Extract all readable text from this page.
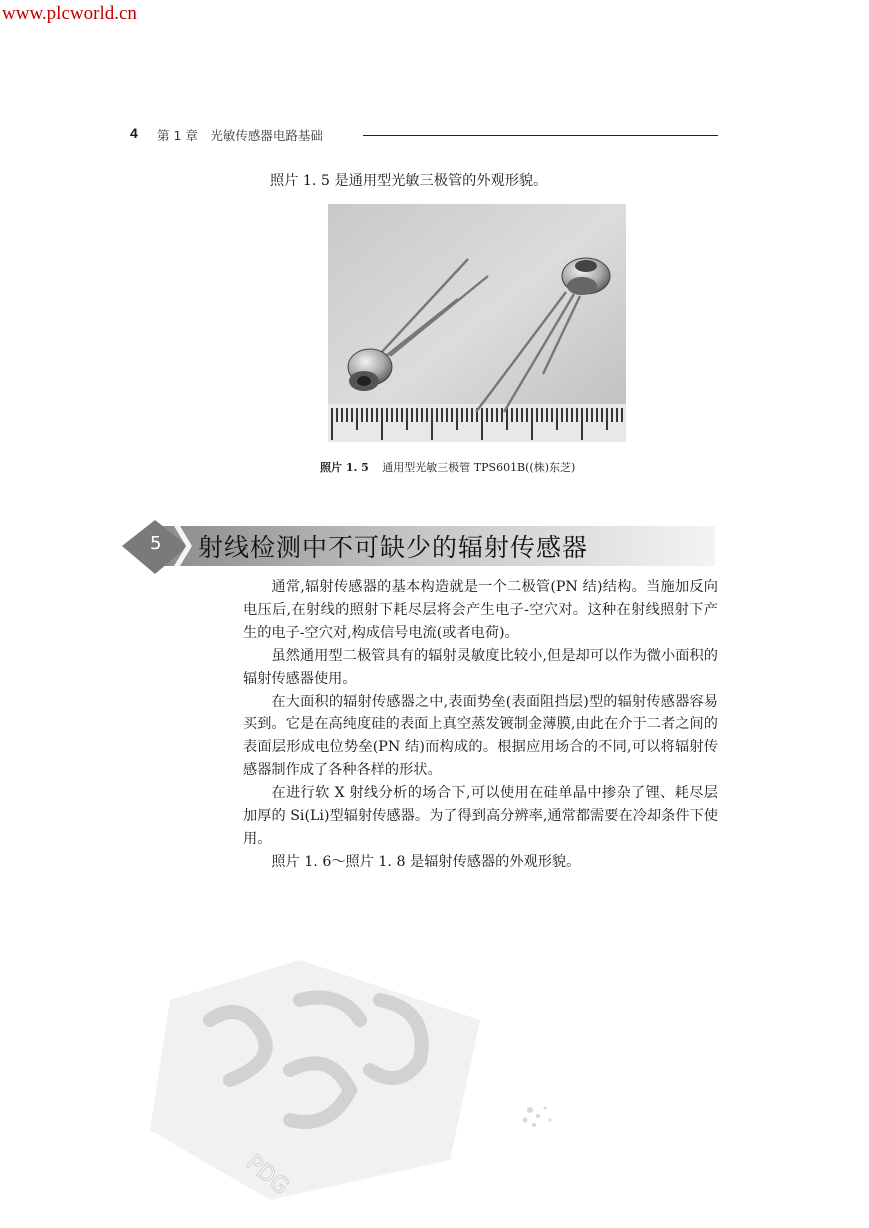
www.plcworld.cn
4 第 1 章　光敏传感器电路基础
照片 1. 5 是通用型光敏三极管的外观形貌。
照片 1. 5 通用型光敏三极管 TPS601B((株)东芝)
5 射线检测中不可缺少的辐射传感器

通常,辐射传感器的基本构造就是一个二极管(PN 结)结构。当施加反向电压后,在射线的照射下耗尽层将会产生电子-空穴对。这种在射线照射下产生的电子-空穴对,构成信号电流(或者电荷)。

虽然通用型二极管具有的辐射灵敏度比较小,但是却可以作为微小面积的辐射传感器使用。

在大面积的辐射传感器之中,表面势垒(表面阻挡层)型的辐射传感器容易买到。它是在高纯度硅的表面上真空蒸发镀制金薄膜,由此在介于二者之间的表面层形成电位势垒(PN 结)而构成的。根据应用场合的不同,可以将辐射传感器制作成了各种各样的形状。

在进行软 X 射线分析的场合下,可以使用在硅单晶中掺杂了锂、耗尽层加厚的 Si(Li)型辐射传感器。为了得到高分辨率,通常都需要在冷却条件下使用。

照片 1. 6～照片 1. 8 是辐射传感器的外观形貌。

PDG
